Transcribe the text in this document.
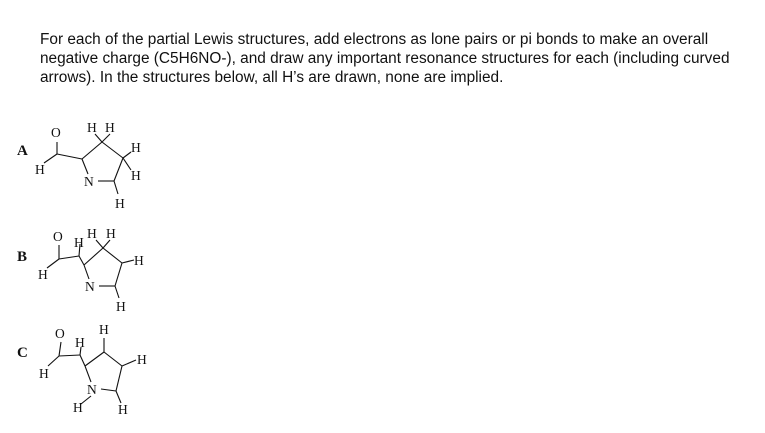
For each of the partial Lewis structures, add electrons as lone pairs or pi bonds to make an overall negative charge (C5H6NO-), and draw any important resonance structures for each (including curved arrows). In the structures below, all H’s are drawn, none are implied.
A
B
C
O
H
H H
H
H
N
H
O H
H H
H
H
N
H
O
H
H
H
H
N
H	H
